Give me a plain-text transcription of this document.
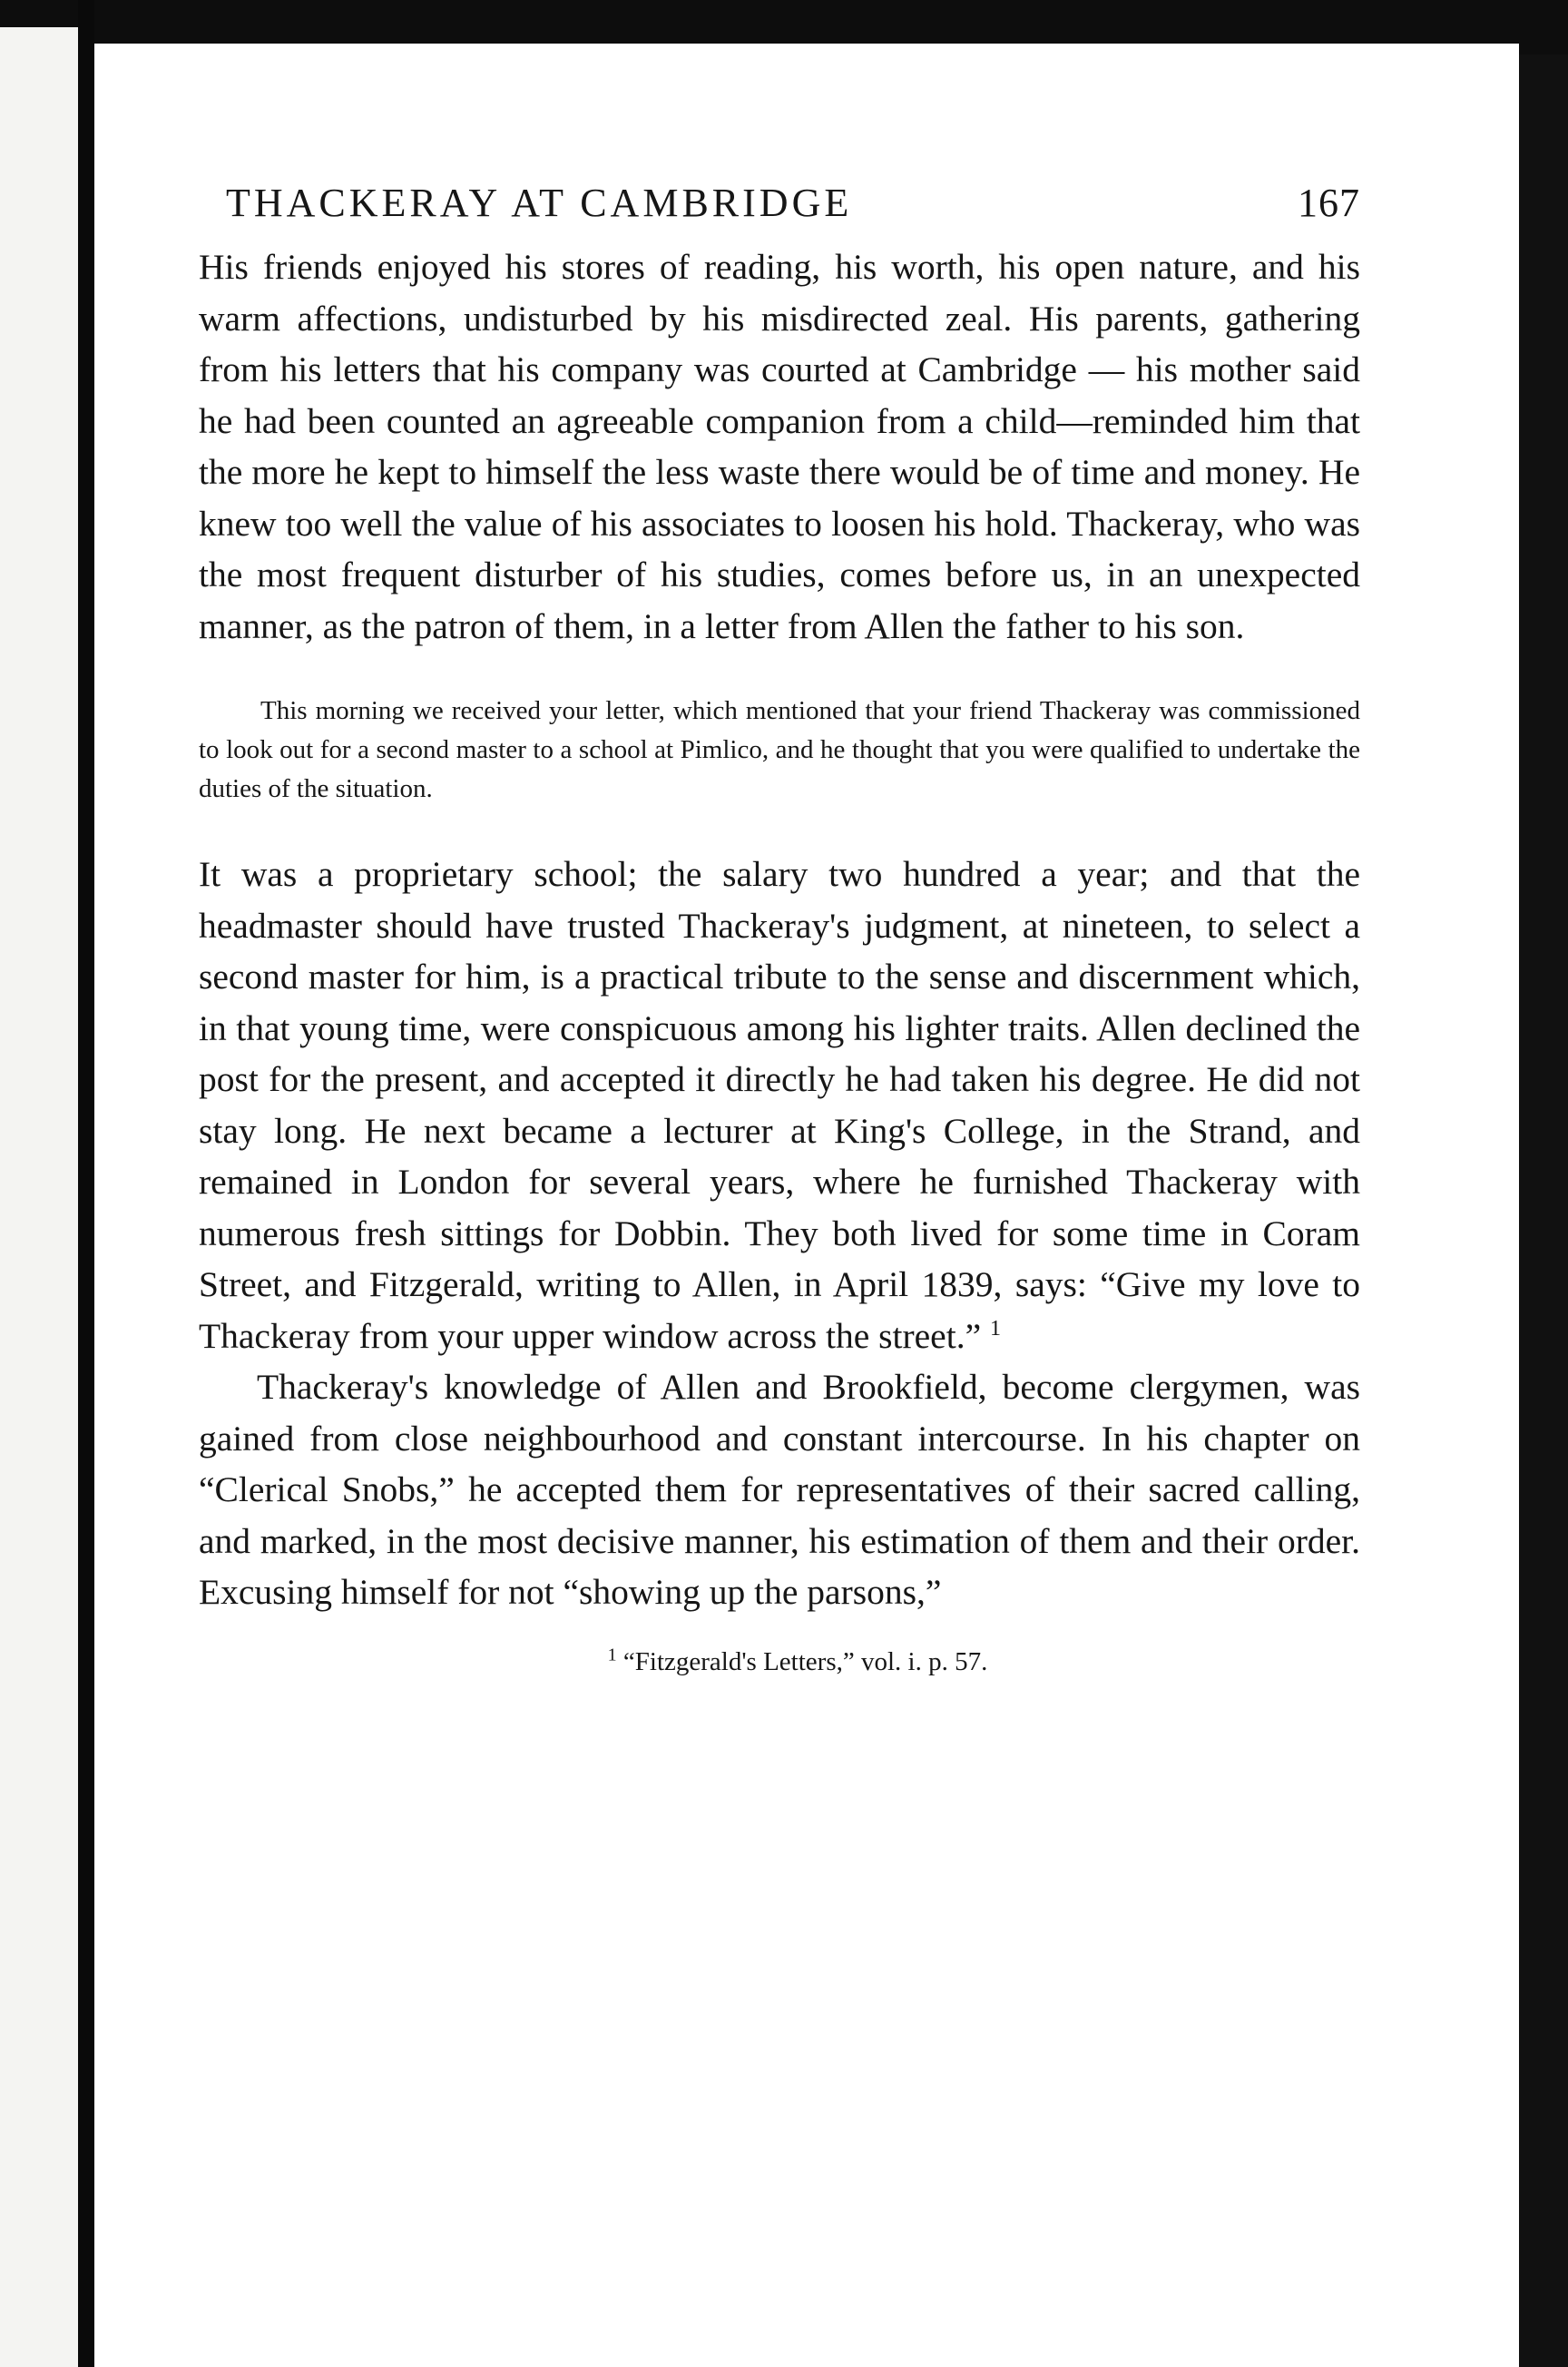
THACKERAY AT CAMBRIDGE	167

His friends enjoyed his stores of reading, his worth, his open nature, and his warm affections, undisturbed by his misdirected zeal. His parents, gathering from his letters that his company was courted at Cambridge — his mother said he had been counted an agreeable companion from a child—reminded him that the more he kept to himself the less waste there would be of time and money. He knew too well the value of his associates to loosen his hold. Thackeray, who was the most frequent disturber of his studies, comes before us, in an unexpected manner, as the patron of them, in a letter from Allen the father to his son.

This morning we received your letter, which mentioned that your friend Thackeray was commissioned to look out for a second master to a school at Pimlico, and he thought that you were qualified to undertake the duties of the situation.

It was a proprietary school; the salary two hundred a year; and that the headmaster should have trusted Thackeray's judgment, at nineteen, to select a second master for him, is a practical tribute to the sense and discernment which, in that young time, were conspicuous among his lighter traits. Allen declined the post for the present, and accepted it directly he had taken his degree. He did not stay long. He next became a lecturer at King's College, in the Strand, and remained in London for several years, where he furnished Thackeray with numerous fresh sittings for Dobbin. They both lived for some time in Coram Street, and Fitzgerald, writing to Allen, in April 1839, says: “Give my love to Thackeray from your upper window across the street.” $^1$

Thackeray's knowledge of Allen and Brookfield, become clergymen, was gained from close neighbourhood and constant intercourse. In his chapter on “Clerical Snobs,” he accepted them for representatives of their sacred calling, and marked, in the most decisive manner, his estimation of them and their order. Excusing himself for not “showing up the parsons,”

$^1$ “Fitzgerald's Letters,” vol. i. p. 57.
